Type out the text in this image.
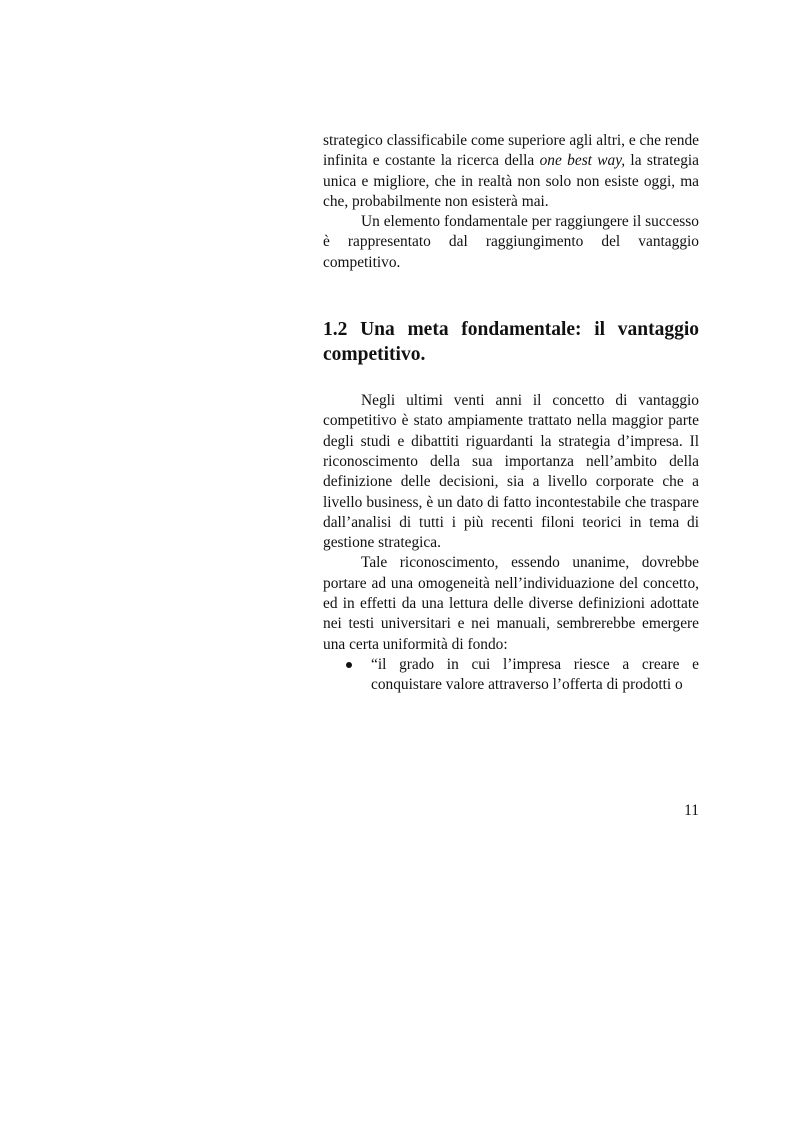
strategico classificabile come superiore agli altri, e che rende infinita e costante la ricerca della one best way, la strategia unica e migliore, che in realtà non solo non esiste oggi, ma che, probabilmente non esisterà mai.

Un elemento fondamentale per raggiungere il successo è rappresentato dal raggiungimento del vantaggio competitivo.

1.2 Una meta fondamentale: il vantaggio competitivo.

Negli ultimi venti anni il concetto di vantaggio competitivo è stato ampiamente trattato nella maggior parte degli studi e dibattiti riguardanti la strategia d’impresa. Il riconoscimento della sua importanza nell’ambito della definizione delle decisioni, sia a livello corporate che a livello business, è un dato di fatto incontestabile che traspare dall’analisi di tutti i più recenti filoni teorici in tema di gestione strategica.

Tale riconoscimento, essendo unanime, dovrebbe portare ad una omogeneità nell’individuazione del concetto, ed in effetti da una lettura delle diverse definizioni adottate nei testi universitari e nei manuali, sembrerebbe emergere una certa uniformità di fondo:

“il grado in cui l’impresa riesce a creare e conquistare valore attraverso l’offerta di prodotti o
11
